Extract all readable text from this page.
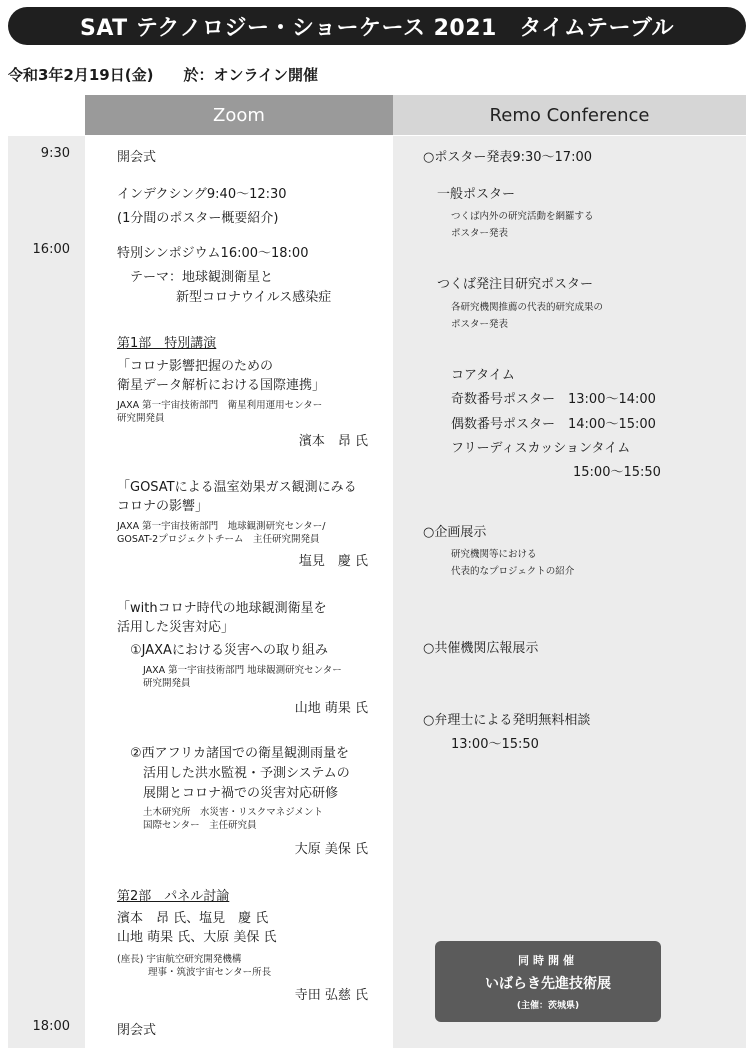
SAT テクノロジー・ショーケース 2021　タイムテーブル
令和3年2月19日(金)　　於：オンライン開催
Zoom	Remo Conference
9:30
16:00
18:00
開会式
インデクシング9:40～12:30
(1分間のポスター概要紹介)
特別シンポジウム16:00～18:00
テーマ：地球観測衛星と
新型コロナウイルス感染症
第1部　特別講演
「コロナ影響把握のための
衛星データ解析における国際連携」
JAXA 第一宇宙技術部門　衛星利用運用センター
研究開発員
濱本　昂 氏
「GOSATによる温室効果ガス観測にみる
コロナの影響」
JAXA 第一宇宙技術部門　地球観測研究センター/
GOSAT-2プロジェクトチーム　主任研究開発員
塩見　慶 氏
「withコロナ時代の地球観測衛星を
活用した災害対応」
①JAXAにおける災害への取り組み
JAXA 第一宇宙技術部門 地球観測研究センター
研究開発員
山地 萌果 氏
②西アフリカ諸国での衛星観測雨量を
活用した洪水監視・予測システムの
展開とコロナ禍での災害対応研修
土木研究所　水災害・リスクマネジメント
国際センター　主任研究員
大原 美保 氏
第2部　パネル討論
濱本　昂 氏、塩見　慶 氏
山地 萌果 氏、大原 美保 氏
(座長) 宇宙航空研究開発機構
理事・筑波宇宙センター所長
寺田 弘慈 氏
閉会式
○ポスター発表9:30～17:00
一般ポスター
つくば内外の研究活動を網羅する
ポスター発表
つくば発注目研究ポスター
各研究機関推薦の代表的研究成果の
ポスター発表
コアタイム
奇数番号ポスター　13:00～14:00
偶数番号ポスター　14:00～15:00
フリーディスカッションタイム
15:00～15:50
○企画展示
研究機関等における
代表的なプロジェクトの紹介
○共催機関広報展示
○弁理士による発明無料相談
13:00～15:50
同時開催
いばらき先進技術展
(主催：茨城県)
